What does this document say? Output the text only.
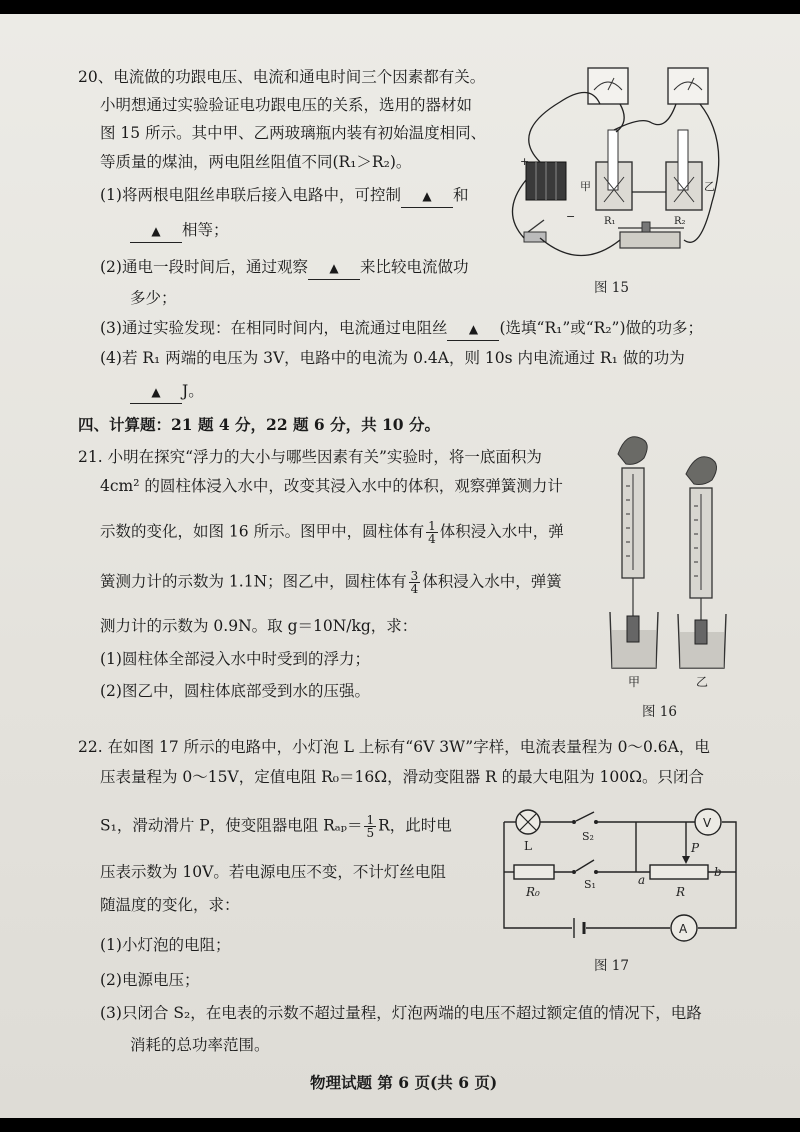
20、电流做的功跟电压、电流和通电时间三个因素都有关。
小明想通过实验验证电功跟电压的关系，选用的器材如
图 15 所示。其中甲、乙两玻璃瓶内装有初始温度相同、
等质量的煤油，两电阻丝阻值不同(R₁＞R₂)。
(1)将两根电阻丝串联后接入电路中，可控制 ▲ 和
▲ 相等；
(2)通电一段时间后，通过观察 ▲ 来比较电流做功
多少；
(3)通过实验发现：在相同时间内，电流通过电阻丝 ▲ (选填“R₁”或“R₂”)做的功多；
(4)若 R₁ 两端的电压为 3V，电路中的电流为 0.4A，则 10s 内电流通过 R₁ 做的功为
▲ J。
+
−
甲	乙
R₁	R₂
图 15
四、计算题：21 题 4 分，22 题 6 分，共 10 分。
21. 小明在探究“浮力的大小与哪些因素有关”实验时，将一底面积为
4cm² 的圆柱体浸入水中，改变其浸入水中的体积，观察弹簧测力计
示数的变化，如图 16 所示。图甲中，圆柱体有 $\frac{1}{4}$ 体积浸入水中，弹
簧测力计的示数为 1.1N；图乙中，圆柱体有 $\frac{3}{4}$ 体积浸入水中，弹簧
测力计的示数为 0.9N。取 g＝10N/kg，求：
(1)圆柱体全部浸入水中时受到的浮力；
(2)图乙中，圆柱体底部受到水的压强。	甲	乙
图 16
22. 在如图 17 所示的电路中，小灯泡 L 上标有“6V 3W”字样，电流表量程为 0～0.6A，电
压表量程为 0～15V，定值电阻 R₀＝16Ω，滑动变阻器 R 的最大电阻为 100Ω。只闭合
S₁，滑动滑片 P，使变阻器电阻 $R_{ap}= \frac{1}{5}$ R，此时电
压表示数为 10V。若电源电压不变，不计灯丝电阻
随温度的变化，求：
(1)小灯泡的电阻；
(2)电源电压；
(3)只闭合 S₂，在电表的示数不超过量程，灯泡两端的电压不超过额定值的情况下，电路
消耗的总功率范围。
L
S₂
V
P
S₁	a
b
R
R₀
A
图 17
物理试题 第 6 页(共 6 页)
